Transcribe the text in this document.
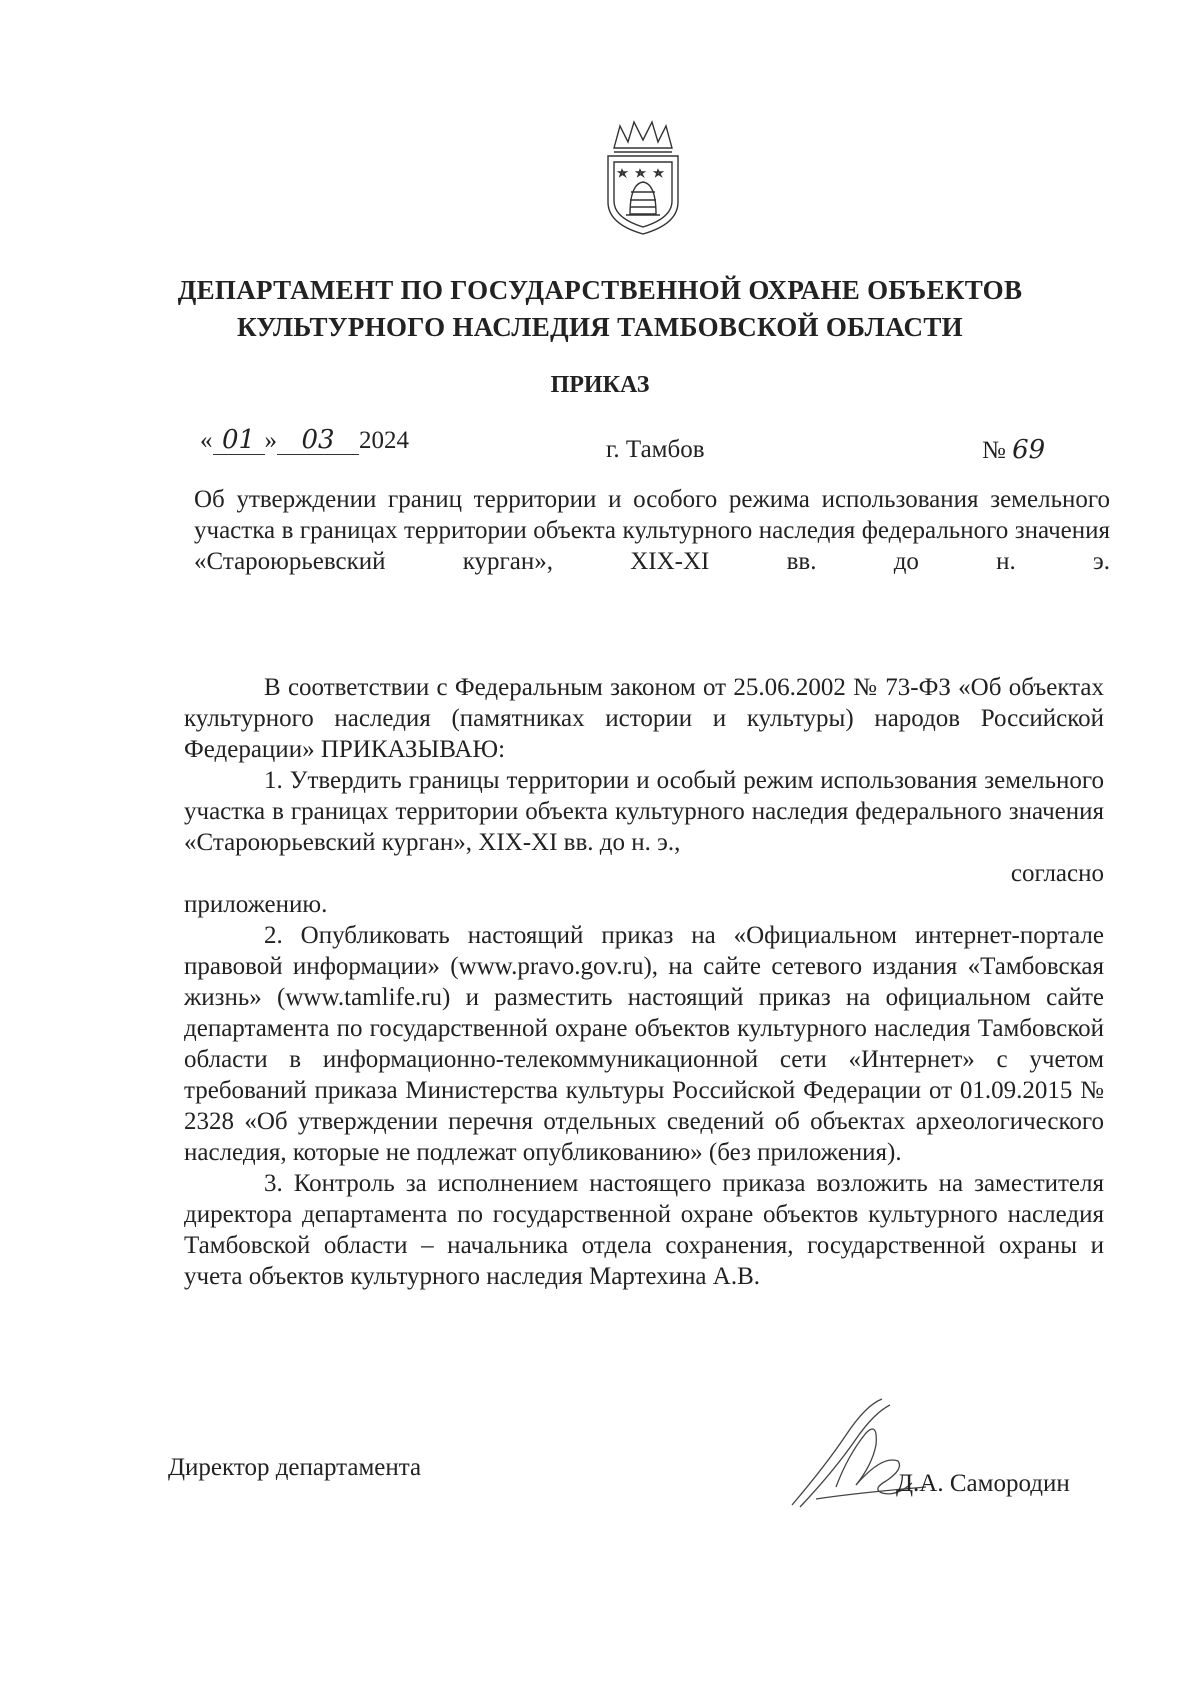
ДЕПАРТАМЕНТ ПО ГОСУДАРСТВЕННОЙ ОХРАНЕ ОБЪЕКТОВ
КУЛЬТУРНОГО НАСЛЕДИЯ ТАМБОВСКОЙ ОБЛАСТИ
ПРИКАЗ
« 01 » 03 2024	г. Тамбов	№ 69
Об утверждении границ территории и особого режима использования земельного участка в границах территории объекта культурного наследия федерального значения «Староюрьевский курган», XIX-XI вв. до н. э.

В соответствии с Федеральным законом от 25.06.2002 № 73-ФЗ «Об объектах культурного наследия (памятниках истории и культуры) народов Российской Федерации» ПРИКАЗЫВАЮ:

1. Утвердить границы территории и особый режим использования земельного участка в границах территории объекта культурного наследия федерального значения «Староюрьевский курган», XIX-XI вв. до н. э.,

согласно

приложению.

2. Опубликовать настоящий приказ на «Официальном интернет-портале правовой информации» (www.pravo.gov.ru), на сайте сетевого издания «Тамбовская жизнь» (www.tamlife.ru) и разместить настоящий приказ на официальном сайте департамента по государственной охране объектов культурного наследия Тамбовской области в информационно-телекоммуникационной сети «Интернет» с учетом требований приказа Министерства культуры Российской Федерации от 01.09.2015 № 2328 «Об утверждении перечня отдельных сведений об объектах археологического наследия, которые не подлежат опубликованию» (без приложения).

3. Контроль за исполнением настоящего приказа возложить на заместителя директора департамента по государственной охране объектов культурного наследия Тамбовской области – начальника отдела сохранения, государственной охраны и учета объектов культурного наследия Мартехина А.В.

Директор департамента
Д.А. Самородин
